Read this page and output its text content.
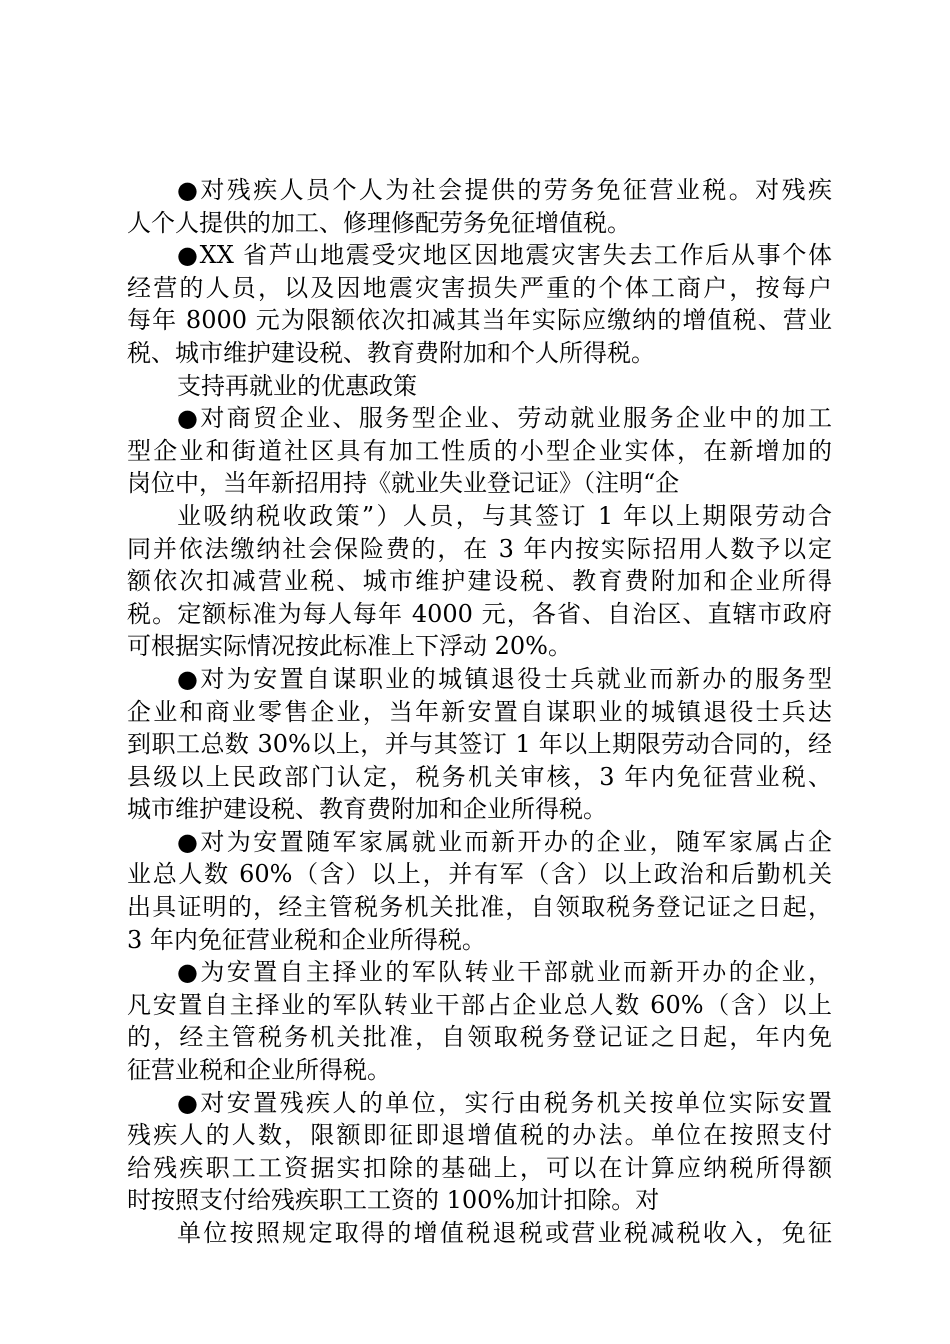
●对残疾人员个人为社会提供的劳务免征营业税。对残疾
人个人提供的加工、修理修配劳务免征增值税。
●XX 省芦山地震受灾地区因地震灾害失去工作后从事个体
经营的人员，以及因地震灾害损失严重的个体工商户，按每户
每年 8000 元为限额依次扣减其当年实际应缴纳的增值税、营业
税、城市维护建设税、教育费附加和个人所得税。
支持再就业的优惠政策
●对商贸企业、服务型企业、劳动就业服务企业中的加工
型企业和街道社区具有加工性质的小型企业实体，在新增加的
岗位中，当年新招用持《就业失业登记证》（注明“企
业吸纳税收政策”）人员，与其签订 1 年以上期限劳动合
同并依法缴纳社会保险费的，在 3 年内按实际招用人数予以定
额依次扣减营业税、城市维护建设税、教育费附加和企业所得
税。定额标准为每人每年 4000 元，各省、自治区、直辖市政府
可根据实际情况按此标准上下浮动 20%。
●对为安置自谋职业的城镇退役士兵就业而新办的服务型
企业和商业零售企业，当年新安置自谋职业的城镇退役士兵达
到职工总数 30%以上，并与其签订 1 年以上期限劳动合同的，经
县级以上民政部门认定，税务机关审核，3 年内免征营业税、
城市维护建设税、教育费附加和企业所得税。
●对为安置随军家属就业而新开办的企业，随军家属占企
业总人数 60%（含）以上，并有军（含）以上政治和后勤机关
出具证明的，经主管税务机关批准，自领取税务登记证之日起，
3 年内免征营业税和企业所得税。
●为安置自主择业的军队转业干部就业而新开办的企业，
凡安置自主择业的军队转业干部占企业总人数 60%（含）以上
的，经主管税务机关批准，自领取税务登记证之日起，年内免
征营业税和企业所得税。
●对安置残疾人的单位，实行由税务机关按单位实际安置
残疾人的人数，限额即征即退增值税的办法。单位在按照支付
给残疾职工工资据实扣除的基础上，可以在计算应纳税所得额
时按照支付给残疾职工工资的 100%加计扣除。对
单位按照规定取得的增值税退税或营业税减税收入，免征
